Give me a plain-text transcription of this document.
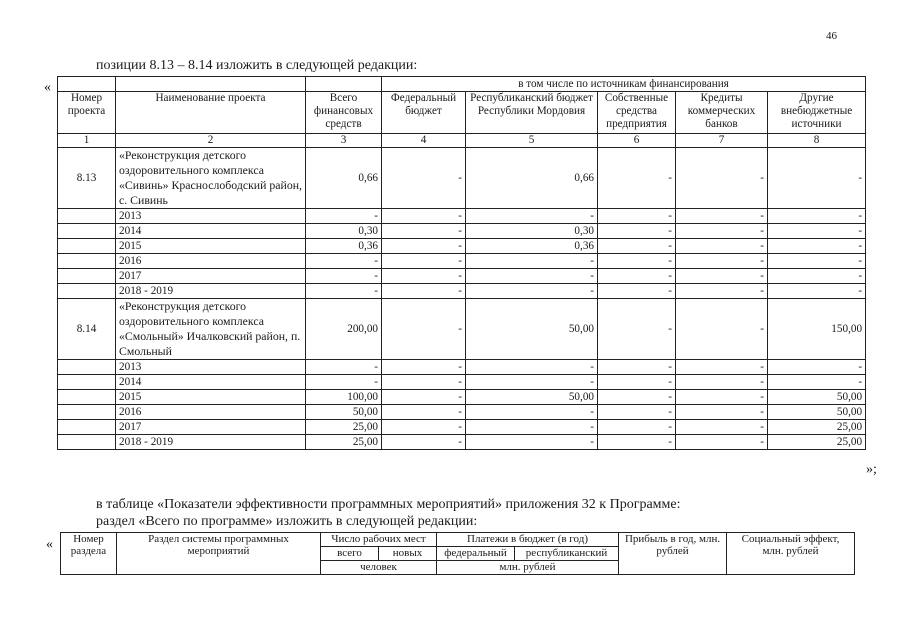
46
позиции 8.13 – 8.14 изложить в следующей редакции:
«
				в том числе по источникам финансирования				
Номер проекта	Наименование проекта	Всего финансовых средств	Федеральный бюджет	Республиканский бюджет Республики Мордовия	Собственные средства предприятия	Кредиты коммерческих банков	Другие внебюджетные источники
1	2	3	4	5	6	7	8
8.13	«Реконструкция детского оздоровительного комплекса «Сивинь» Краснослободский район, с. Сивинь	0,66	-	0,66	-	-	-
	2013	-	-	-	-	-	-
	2014	0,30	-	0,30	-	-	-
	2015	0,36	-	0,36	-	-	-
	2016	-	-	-	-	-	-
	2017	-	-	-	-	-	-
	2018 - 2019	-	-	-	-	-	-
8.14	«Реконструкция детского оздоровительного комплекса «Смольный» Ичалковский район, п. Смольный	200,00	-	50,00	-	-	150,00
	2013	-	-	-	-	-	-
	2014	-	-	-	-	-	-
	2015	100,00	-	50,00	-	-	50,00
	2016	50,00	-	-	-	-	50,00
	2017	25,00	-	-	-	-	25,00
	2018 - 2019	25,00	-	-	-	-	25,00
»;
в таблице «Показатели эффективности программных мероприятий» приложения 32 к Программе:
раздел «Всего по программе» изложить в следующей редакции:
« Номер раздела	Раздел системы программных мероприятий	Число рабочих мест		Платежи в бюджет (в год)		Прибыль в год, млн. рублей	Социальный эффект, млн. рублей
		всего	новых	федеральный	республиканский		
		человек		млн. рублей			
